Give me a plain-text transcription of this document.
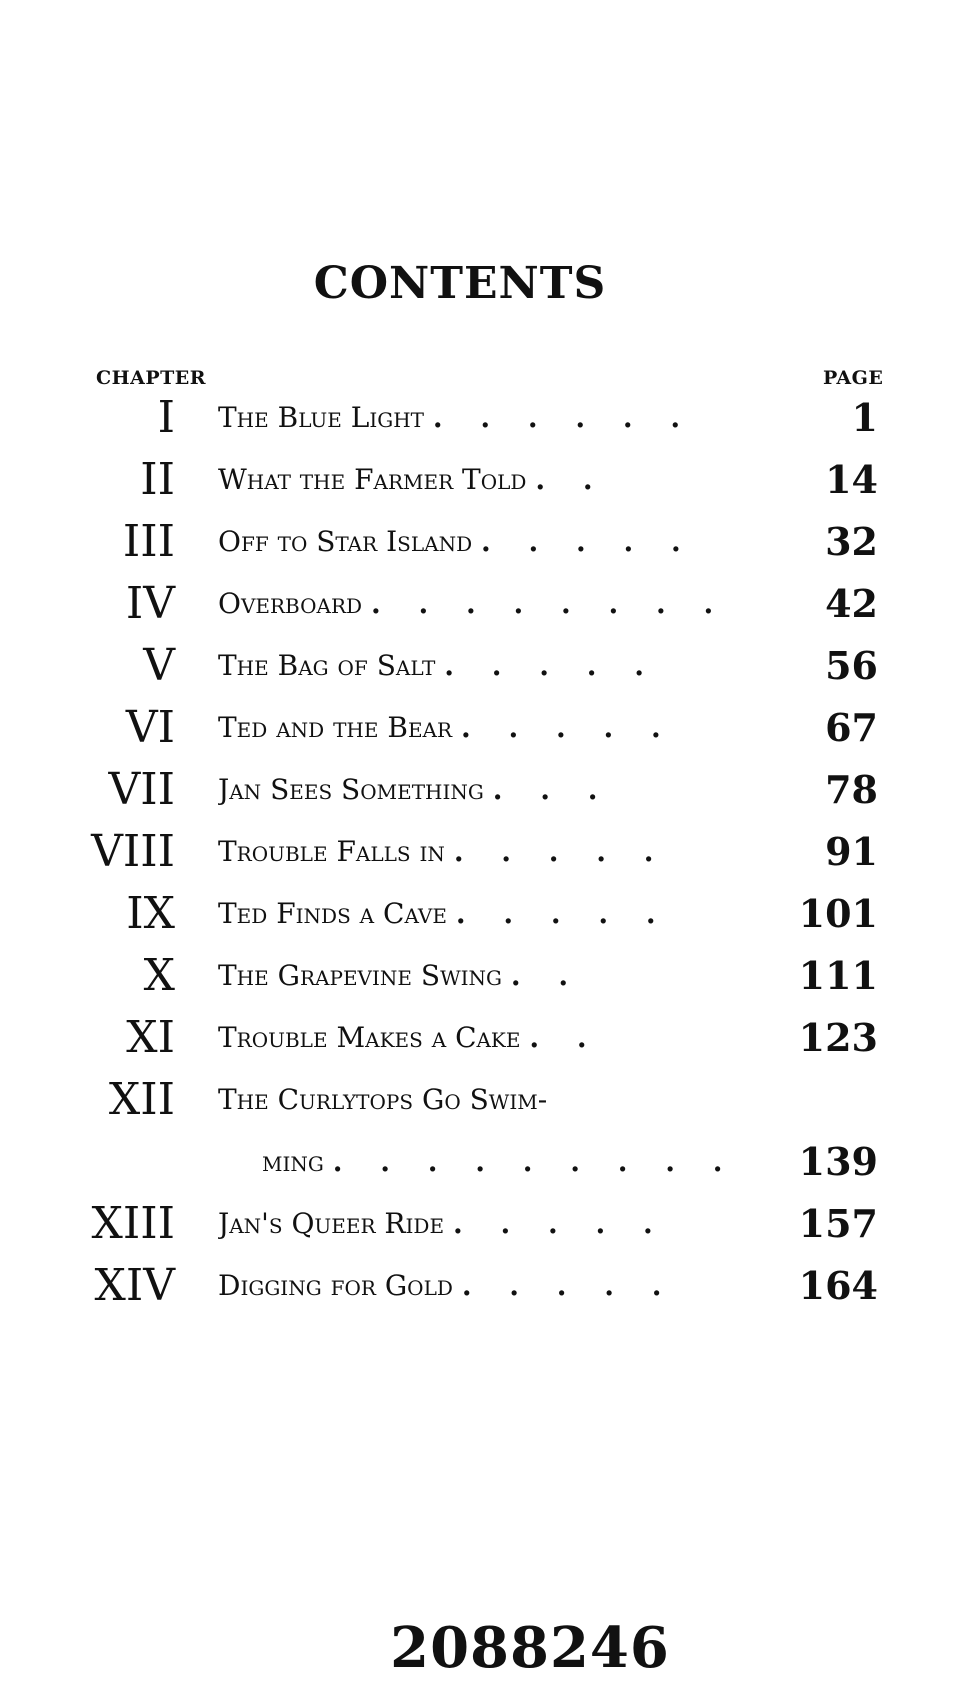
CONTENTS
CHAPTER	PAGE
I The Blue Light . . . . . .	1
II What the Farmer Told . .	14
III Off to Star Island . . . . .	32
IV Overboard . . . . . . . .	42
V The Bag of Salt . . . . .	56
VI Ted and the Bear . . . . .	67
VII Jan Sees Something . . .	78
VIII Trouble Falls in . . . . .	91
IX Ted Finds a Cave . . . . .	101
X The Grapevine Swing . .	111
XI Trouble Makes a Cake . .	123
XII The Curlytops Go Swim-
ming . . . . . . . . .	139
XIII Jan's Queer Ride . . . . .	157
XIV Digging for Gold . . . . .	164
2088246
